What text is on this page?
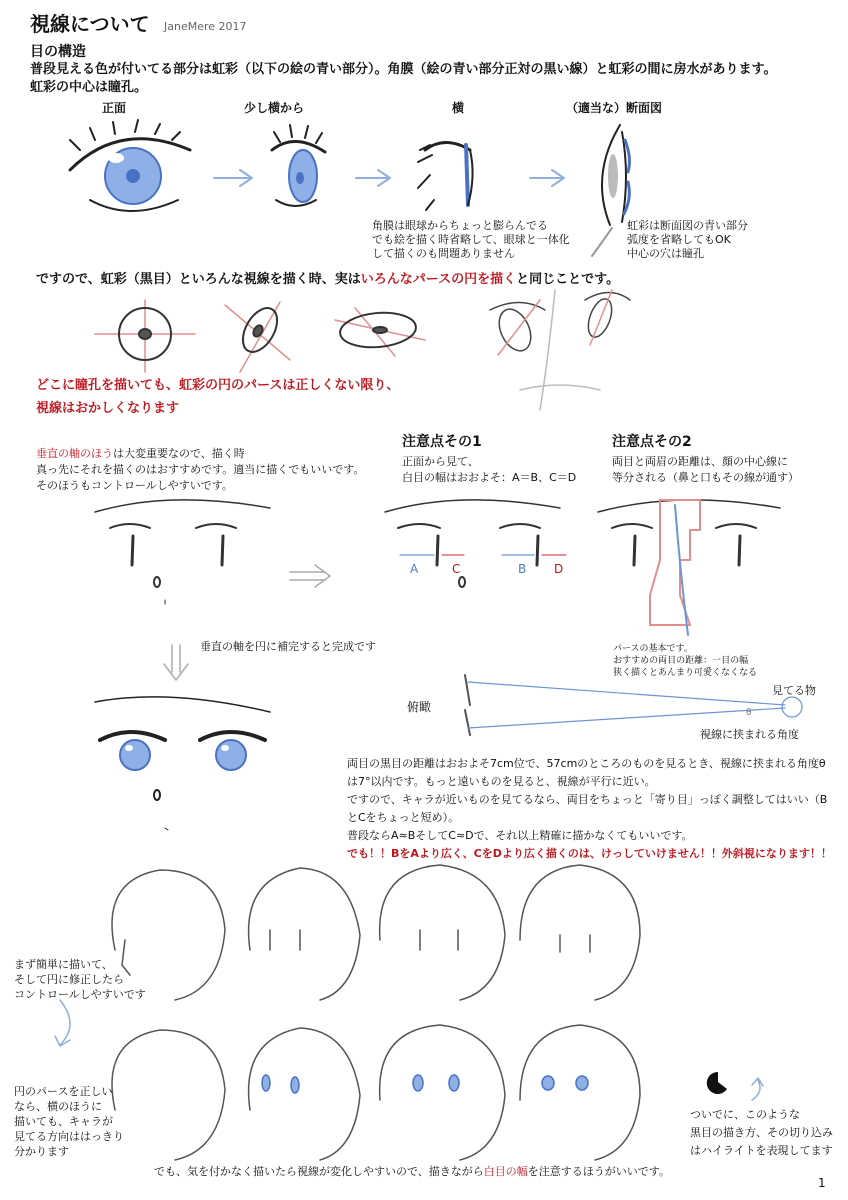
視線について JaneMere 2017
目の構造
普段見える色が付いてる部分は虹彩（以下の絵の青い部分）。角膜（絵の青い部分正対の黒い線）と虹彩の間に房水があります。
虹彩の中心は瞳孔。
正面	少し横から	横	（適当な）断面図
角膜は眼球からちょっと膨らんでる
でも絵を描く時省略して、眼球と一体化
して描くのも問題ありません
虹彩は断面図の青い部分
弧度を省略してもOK
中心の穴は瞳孔
ですので、虹彩（黒目）といろんな視線を描く時、実はいろんなパースの円を描くと同じことです。
どこに瞳孔を描いても、虹彩の円のパースは正しくない限り、
視線はおかしくなります
垂直の軸のほうは大変重要なので、描く時
真っ先にそれを描くのはおすすめです。適当に描くでもいいです。
そのほうもコントロールしやすいです。
注意点その1
正面から見て、
白目の幅はおおよそ：A＝B、C＝D
注意点その2
両目と両眉の距離は、顔の中心線に
等分される（鼻と口もその線が通す）
A	C	B D
垂直の軸を円に補完すると完成です	パースの基本です。
おすすめの両目の距離：一目の幅
狭く描くとあんまり可愛くなくなる
俯瞰
見てる物
視線に挟まれる角度
θ
両目の黒目の距離はおおよそ7cm位で、57cmのところのものを見るとき、視線に挟まれる角度θ
は7°以内です。もっと遠いものを見ると、視線が平行に近い。
ですので、キャラが近いものを見てるなら、両目をちょっと「寄り目」っぽく調整してはいい（B
とCをちょっと短め）。
普段ならA≈BそしてC≈Dで、それ以上精確に描かなくてもいいです。
でも！！BをAより広く、CをDより広く描くのは、けっしていけません！！外斜視になります！！
まず簡単に描いて、
そして円に修正したら
コントロールしやすいです
円のパースを正しい
なら、横のほうに
描いても、キャラが
見てる方向ははっきり
分かります
ついでに、このような
黒目の描き方、その切り込み
はハイライトを表現してます
でも、気を付かなく描いたら視線が変化しやすいので、描きながら白目の幅を注意するほうがいいです。
1
